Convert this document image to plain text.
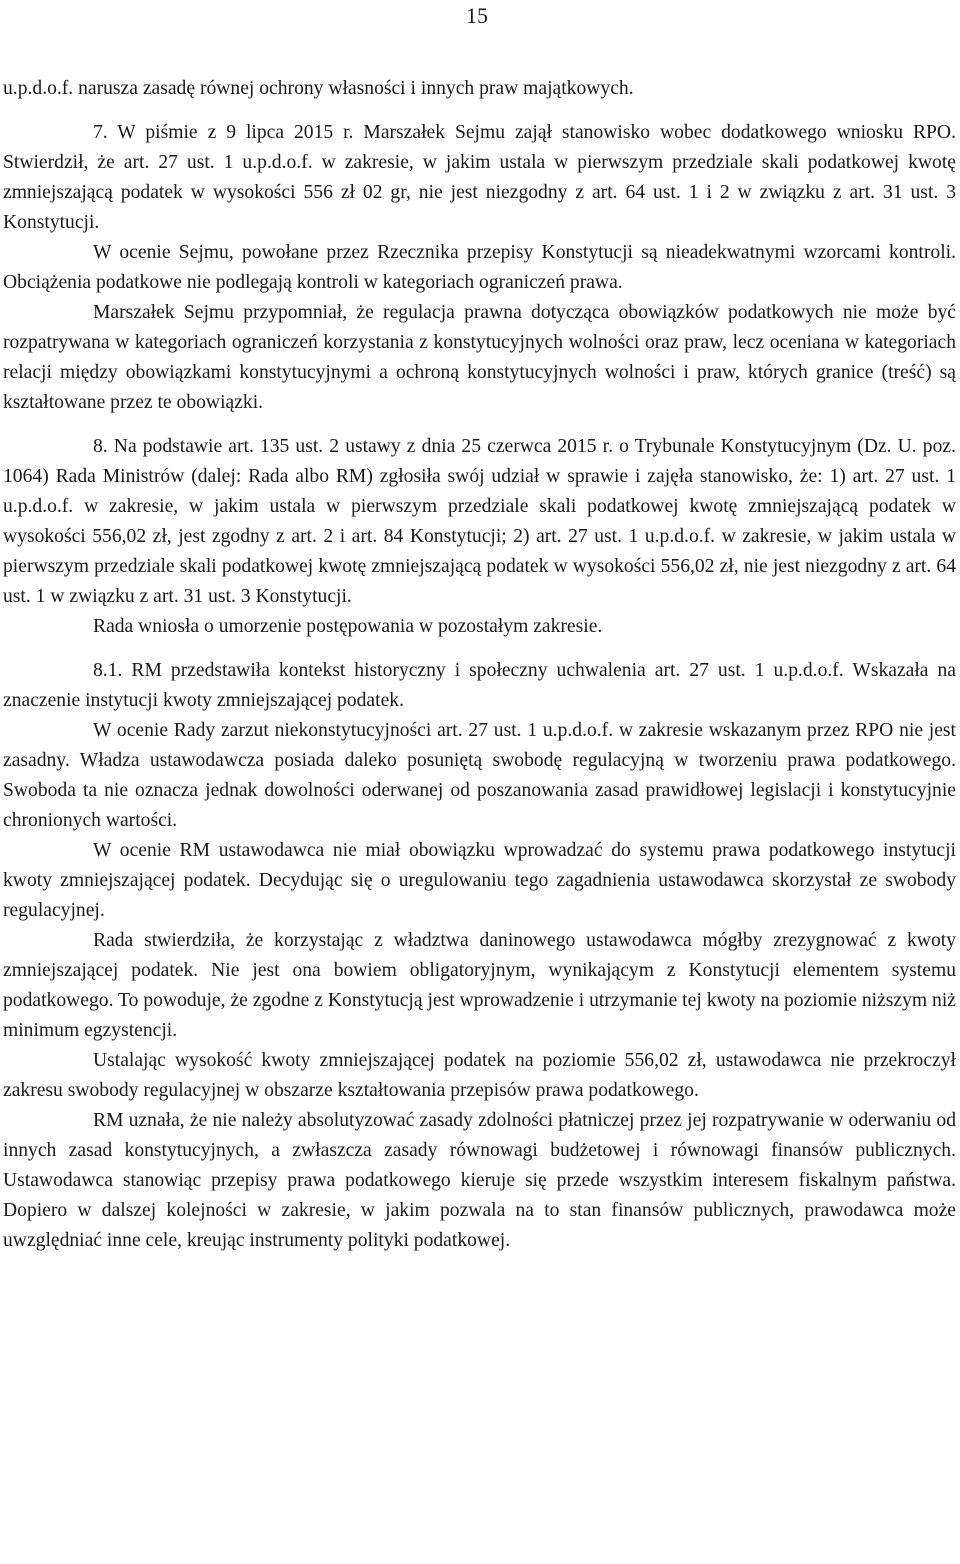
15

u.p.d.o.f. narusza zasadę równej ochrony własności i innych praw majątkowych.

7. W piśmie z 9 lipca 2015 r. Marszałek Sejmu zajął stanowisko wobec dodatkowego wniosku RPO. Stwierdził, że art. 27 ust. 1 u.p.d.o.f. w zakresie, w jakim ustala w pierwszym przedziale skali podatkowej kwotę zmniejszającą podatek w wysokości 556 zł 02 gr, nie jest niezgodny z art. 64 ust. 1 i 2 w związku z art. 31 ust. 3 Konstytucji.

W ocenie Sejmu, powołane przez Rzecznika przepisy Konstytucji są nieadekwatnymi wzorcami kontroli. Obciążenia podatkowe nie podlegają kontroli w kategoriach ograniczeń prawa.

Marszałek Sejmu przypomniał, że regulacja prawna dotycząca obowiązków podatkowych nie może być rozpatrywana w kategoriach ograniczeń korzystania z konstytucyjnych wolności oraz praw, lecz oceniana w kategoriach relacji między obowiązkami konstytucyjnymi a ochroną konstytucyjnych wolności i praw, których granice (treść) są kształtowane przez te obowiązki.

8. Na podstawie art. 135 ust. 2 ustawy z dnia 25 czerwca 2015 r. o Trybunale Konstytucyjnym (Dz. U. poz. 1064) Rada Ministrów (dalej: Rada albo RM) zgłosiła swój udział w sprawie i zajęła stanowisko, że: 1) art. 27 ust. 1 u.p.d.o.f. w zakresie, w jakim ustala w pierwszym przedziale skali podatkowej kwotę zmniejszającą podatek w wysokości 556,02 zł, jest zgodny z art. 2 i art. 84 Konstytucji; 2) art. 27 ust. 1 u.p.d.o.f. w zakresie, w jakim ustala w pierwszym przedziale skali podatkowej kwotę zmniejszającą podatek w wysokości 556,02 zł, nie jest niezgodny z art. 64 ust. 1 w związku z art. 31 ust. 3 Konstytucji.

Rada wniosła o umorzenie postępowania w pozostałym zakresie.

8.1. RM przedstawiła kontekst historyczny i społeczny uchwalenia art. 27 ust. 1 u.p.d.o.f. Wskazała na znaczenie instytucji kwoty zmniejszającej podatek.

W ocenie Rady zarzut niekonstytucyjności art. 27 ust. 1 u.p.d.o.f. w zakresie wskazanym przez RPO nie jest zasadny. Władza ustawodawcza posiada daleko posuniętą swobodę regulacyjną w tworzeniu prawa podatkowego. Swoboda ta nie oznacza jednak dowolności oderwanej od poszanowania zasad prawidłowej legislacji i konstytucyjnie chronionych wartości.

W ocenie RM ustawodawca nie miał obowiązku wprowadzać do systemu prawa podatkowego instytucji kwoty zmniejszającej podatek. Decydując się o uregulowaniu tego zagadnienia ustawodawca skorzystał ze swobody regulacyjnej.

Rada stwierdziła, że korzystając z władztwa daninowego ustawodawca mógłby zrezygnować z kwoty zmniejszającej podatek. Nie jest ona bowiem obligatoryjnym, wynikającym z Konstytucji elementem systemu podatkowego. To powoduje, że zgodne z Konstytucją jest wprowadzenie i utrzymanie tej kwoty na poziomie niższym niż minimum egzystencji.

Ustalając wysokość kwoty zmniejszającej podatek na poziomie 556,02 zł, ustawodawca nie przekroczył zakresu swobody regulacyjnej w obszarze kształtowania przepisów prawa podatkowego.

RM uznała, że nie należy absolutyzować zasady zdolności płatniczej przez jej rozpatrywanie w oderwaniu od innych zasad konstytucyjnych, a zwłaszcza zasady równowagi budżetowej i równowagi finansów publicznych. Ustawodawca stanowiąc przepisy prawa podatkowego kieruje się przede wszystkim interesem fiskalnym państwa. Dopiero w dalszej kolejności w zakresie, w jakim pozwala na to stan finansów publicznych, prawodawca może uwzględniać inne cele, kreując instrumenty polityki podatkowej.
